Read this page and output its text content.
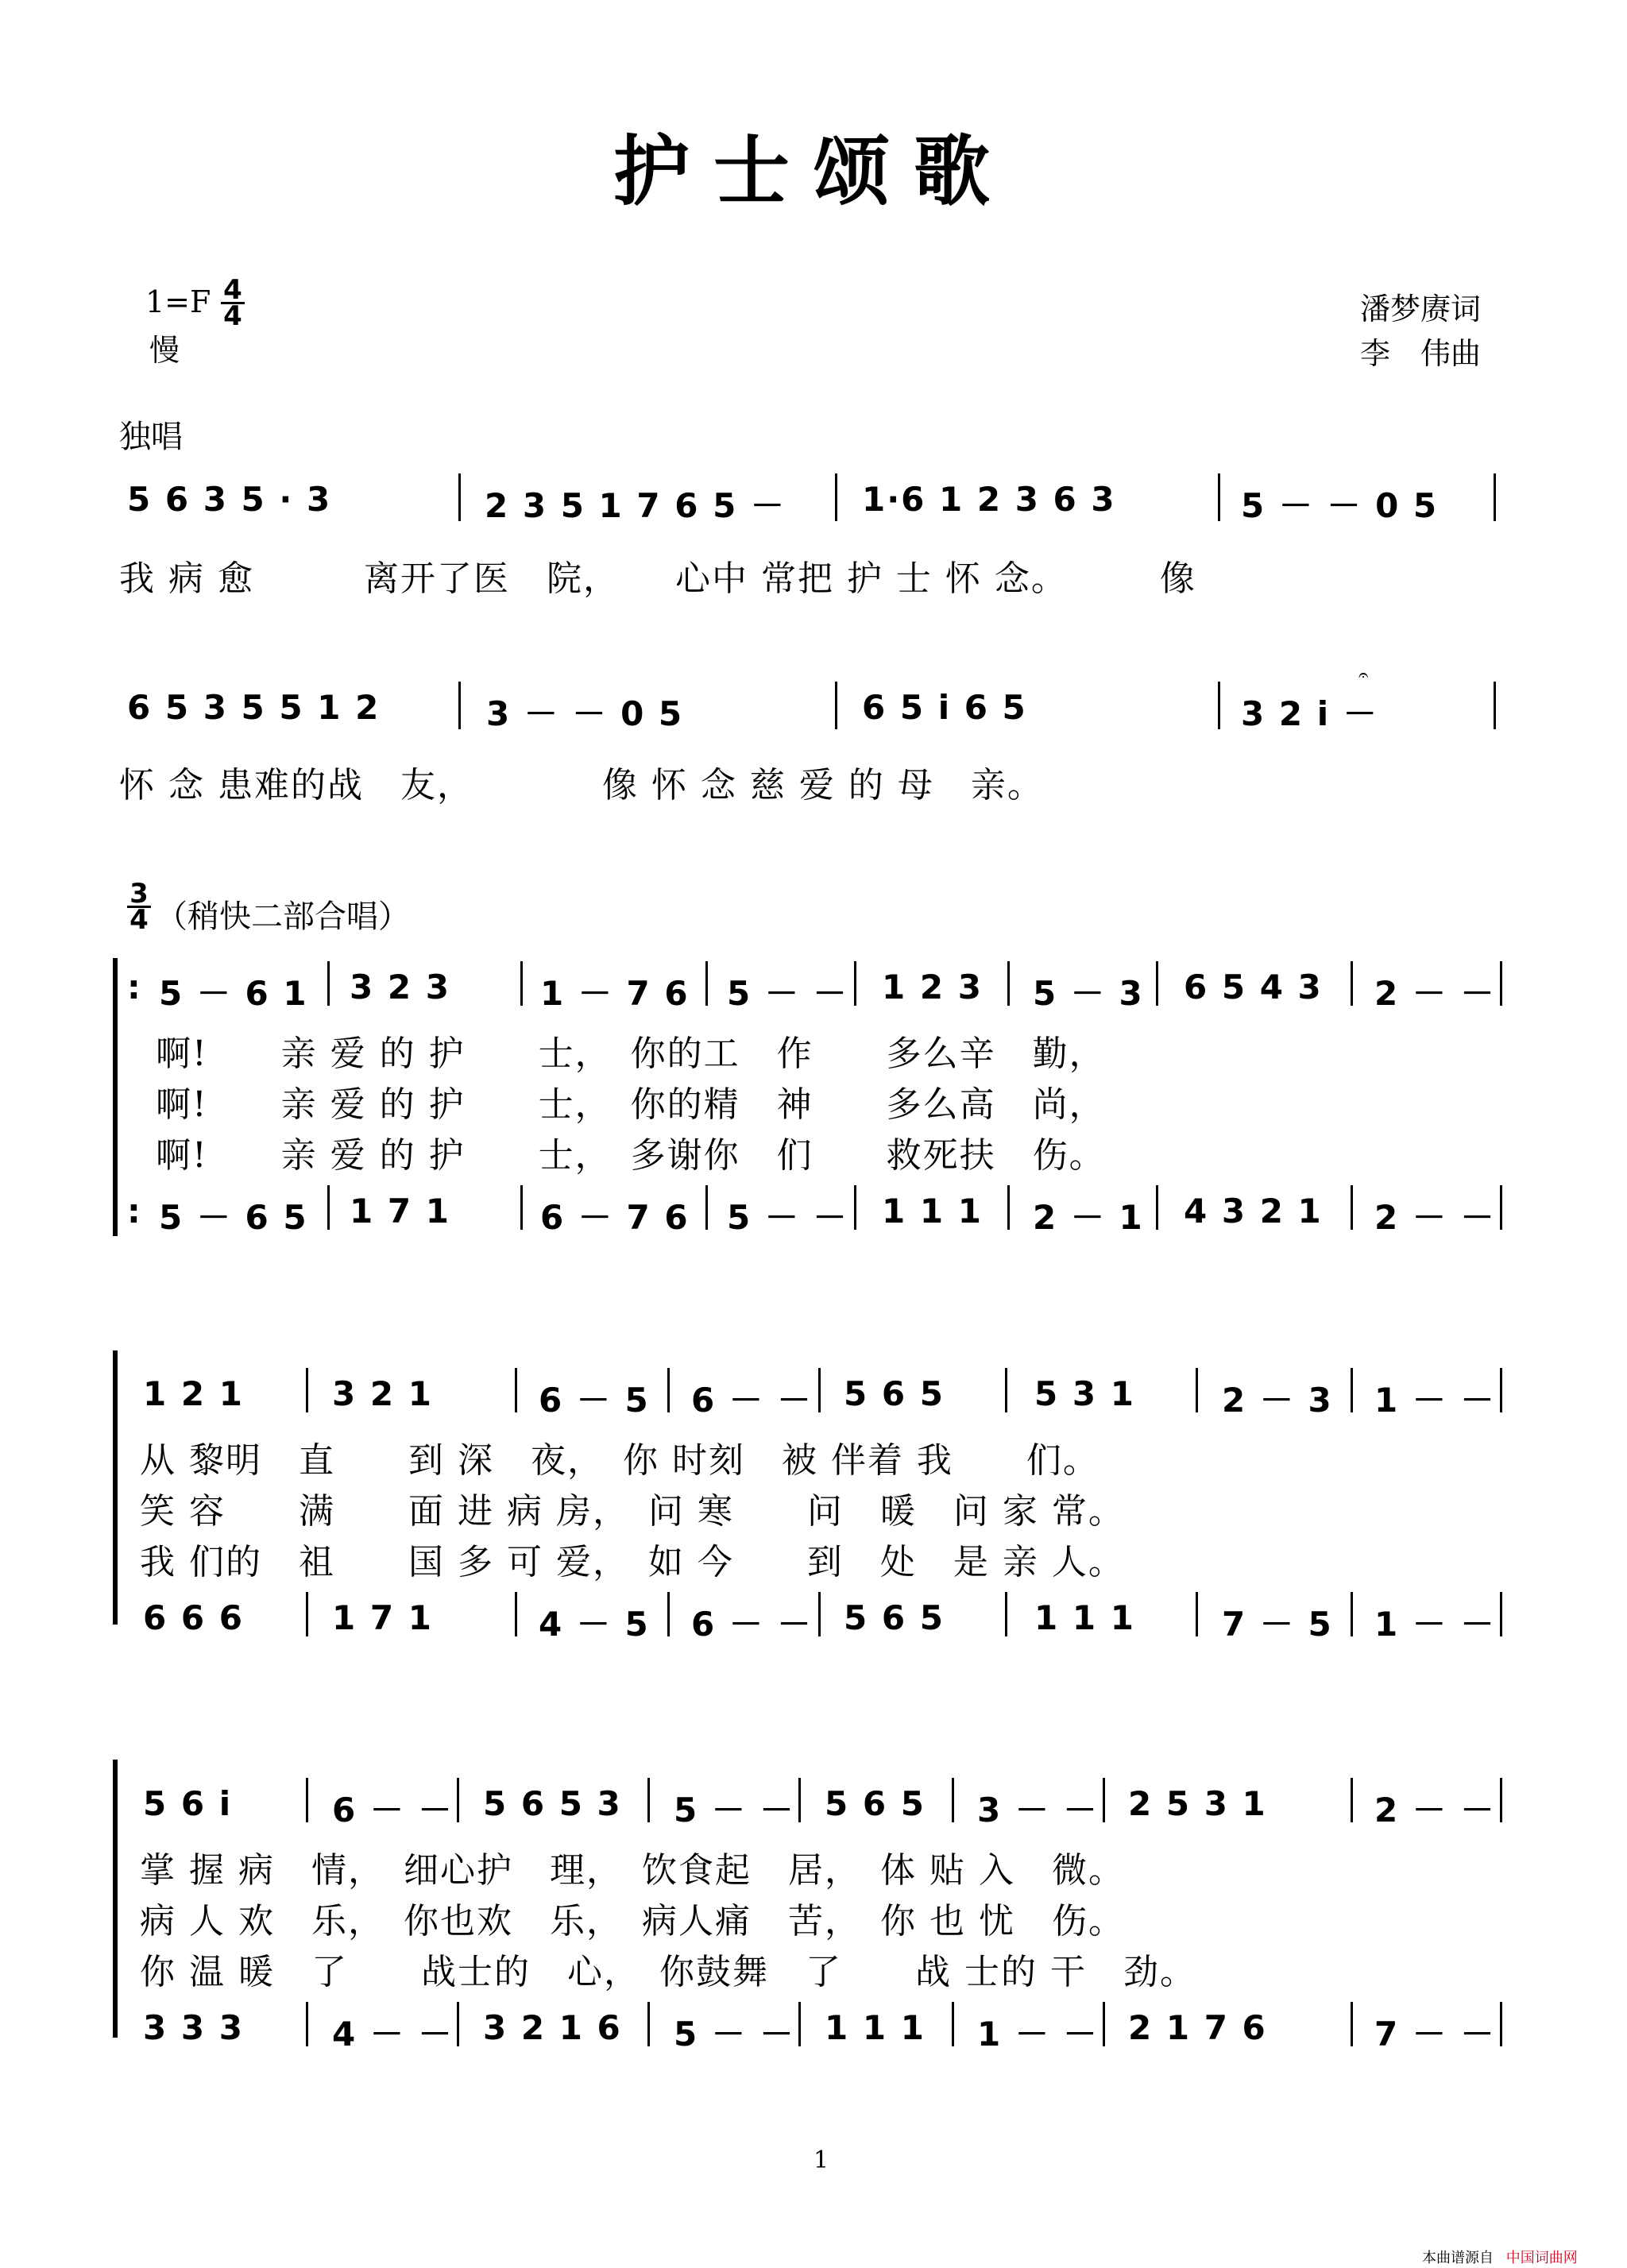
护士颂歌
1=F 4
4
慢
潘梦赓词
李　伟曲
独唱
5 6 3 5 · 3	2 3 5 1 7 6 5 － 1·6 1 2 3 6 3	5 － － 0 5
我 病 愈　　　离开了医　院，　　心中 常把 护 士 怀 念。　　　像
6 5 3 5 5 1 2	3 － － 0 5	6 5 i 6 5	3 2 i －
𝄐
怀 念 患难的战　友，　　　　像 怀 念 慈 爱 的 母　亲。
3
4 （稍快二部合唱）
:
:
5 － 6 1 3 2 3	1 － 7 6 5 － － 1 2 3 5 － 3 6 5 4 3 2 － －
啊!　　亲 爱 的 护　　士，　你的工　作　　多么辛　勤，
啊!　　亲 爱 的 护　　士，　你的精　神　　多么高　尚，
啊!　　亲 爱 的 护　　士，　多谢你　们　　救死扶　伤。
5 － 6 5 1 7 1	6 － 7 6 5 － － 1 1 1 2 － 1 4 3 2 1 2 － －
1 2 1	3 2 1	6 － 5 6 － － 5 6 5	5 3 1	2 － 3 1 － －
从 黎明　直　　到 深　夜，　你 时刻　被 伴着 我　　们。
笑 容　　满　　面 进 病 房，　问 寒　　问　暖　问 家 常。
我 们的　祖　　国 多 可 爱，　如 今　　到　处　是 亲 人。
6 6 6	1 7 1	4 － 5 6 － － 5 6 5	1 1 1	7 － 5 1 － －
5 6 i	6 － － 5 6 5 3 5 － － 5 6 5 3 － － 2 5 3 1	2 － －
掌 握 病　情，　细心护　理，　饮食起　居，　体 贴 入　微。
病 人 欢　乐，　你也欢　乐，　病人痛　苦，　你 也 忧　伤。
你 温 暖　了　　战士的　心，　你鼓舞　了　　战 士的 干　劲。
3 3 3	4 － － 3 2 1 6 5 － － 1 1 1 1 － － 2 1 7 6	7 － －
1
本曲谱源自 中国词曲网
